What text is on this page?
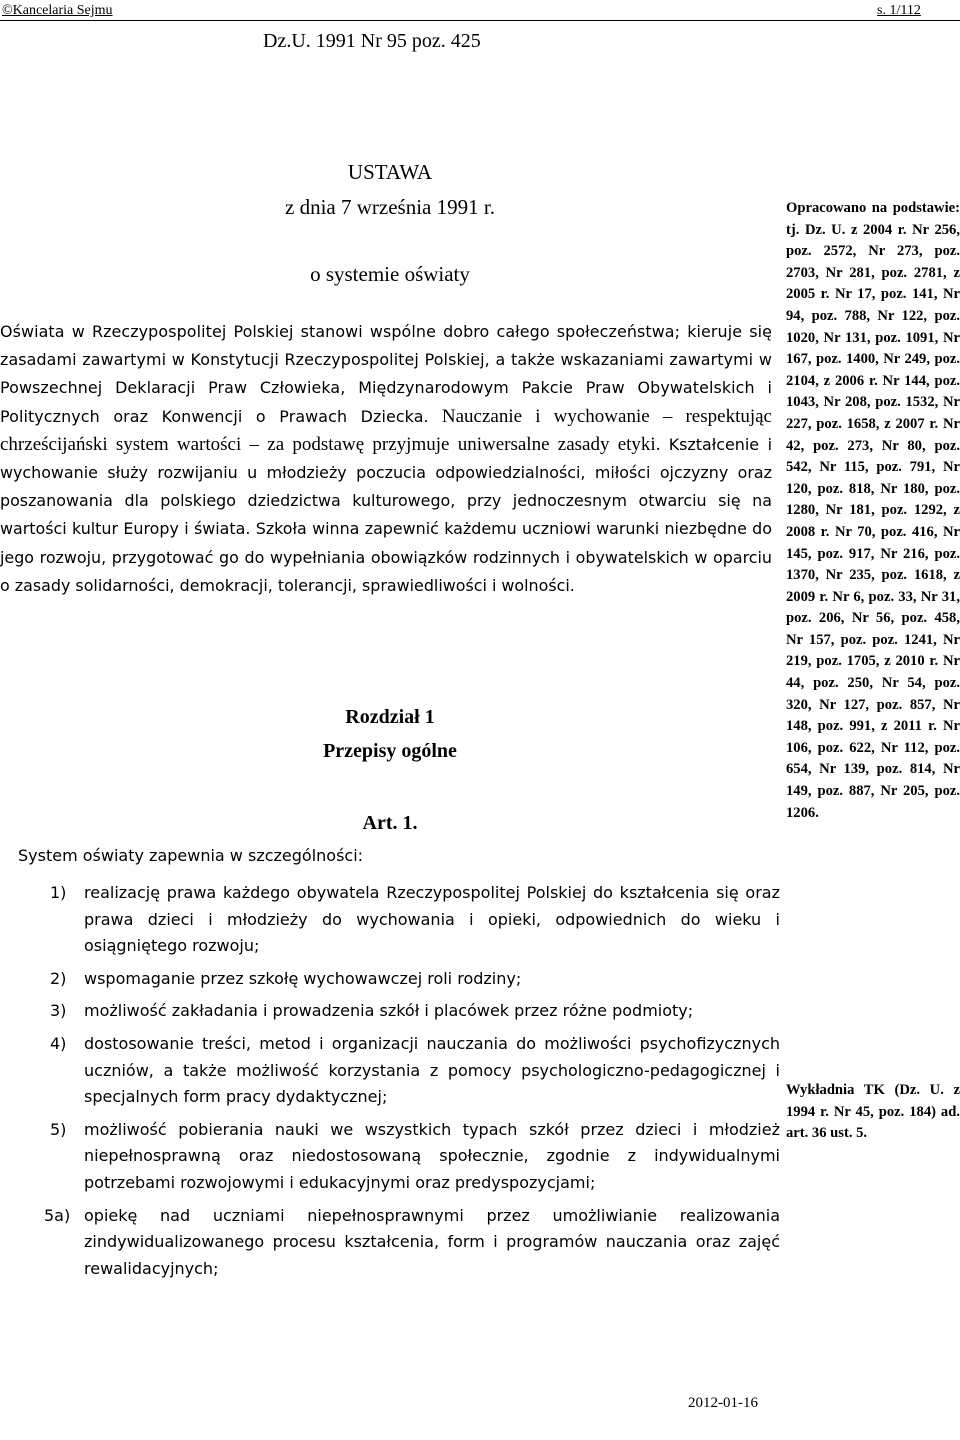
©Kancelaria Sejmu	s. 1/112
Dz.U. 1991 Nr 95 poz. 425
USTAWA
z dnia 7 września 1991 r.
o systemie oświaty
Oświata w Rzeczypospolitej Polskiej stanowi wspólne dobro całego społeczeństwa; kieruje się zasadami zawartymi w Konstytucji Rzeczypospolitej Polskiej, a także wskazaniami zawartymi w Powszechnej Deklaracji Praw Człowieka, Międzynarodowym Pakcie Praw Obywatelskich i Politycznych oraz Konwencji o Prawach Dziecka. Nauczanie i wychowanie – respektując chrześcijański system wartości – za podstawę przyjmuje uniwersalne zasady etyki. Kształcenie i wychowanie służy rozwijaniu u młodzieży poczucia odpowiedzialności, miłości ojczyzny oraz poszanowania dla polskiego dziedzictwa kulturowego, przy jednoczesnym otwarciu się na wartości kultur Europy i świata. Szkoła winna zapewnić każdemu uczniowi warunki niezbędne do jego rozwoju, przygotować go do wypełniania obowiązków rodzinnych i obywatelskich w oparciu o zasady solidarności, demokracji, tolerancji, sprawiedliwości i wolności.
Rozdział 1
Przepisy ogólne
Art. 1.
System oświaty zapewnia w szczególności:
1) realizację prawa każdego obywatela Rzeczypospolitej Polskiej do kształcenia się oraz prawa dzieci i młodzieży do wychowania i opieki, odpowiednich do wieku i osiągniętego rozwoju;
2) wspomaganie przez szkołę wychowawczej roli rodziny;
3) możliwość zakładania i prowadzenia szkół i placówek przez różne podmioty;
4) dostosowanie treści, metod i organizacji nauczania do możliwości psychofizycznych uczniów, a także możliwość korzystania z pomocy psychologiczno-pedagogicznej i specjalnych form pracy dydaktycznej;
5) możliwość pobierania nauki we wszystkich typach szkół przez dzieci i młodzież niepełnosprawną oraz niedostosowaną społecznie, zgodnie z indywidualnymi potrzebami rozwojowymi i edukacyjnymi oraz predyspozycjami;
5a) opiekę nad uczniami niepełnosprawnymi przez umożliwianie realizowania zindywidualizowanego procesu kształcenia, form i programów nauczania oraz zajęć rewalidacyjnych;
Opracowano na podstawie: tj. Dz. U. z 2004 r. Nr 256, poz. 2572, Nr 273, poz. 2703, Nr 281, poz. 2781, z 2005 r. Nr 17, poz. 141, Nr 94, poz. 788, Nr 122, poz. 1020, Nr 131, poz. 1091, Nr 167, poz. 1400, Nr 249, poz. 2104, z 2006 r. Nr 144, poz. 1043, Nr 208, poz. 1532, Nr 227, poz. 1658, z 2007 r. Nr 42, poz. 273, Nr 80, poz. 542, Nr 115, poz. 791, Nr 120, poz. 818, Nr 180, poz. 1280, Nr 181, poz. 1292, z 2008 r. Nr 70, poz. 416, Nr 145, poz. 917, Nr 216, poz. 1370, Nr 235, poz. 1618, z 2009 r. Nr 6, poz. 33, Nr 31, poz. 206, Nr 56, poz. 458, Nr 157, poz. poz. 1241, Nr 219, poz. 1705, z 2010 r. Nr 44, poz. 250, Nr 54, poz. 320, Nr 127, poz. 857, Nr 148, poz. 991, z 2011 r. Nr 106, poz. 622, Nr 112, poz. 654, Nr 139, poz. 814, Nr 149, poz. 887, Nr 205, poz. 1206.
Wykładnia TK (Dz. U. z 1994 r. Nr 45, poz. 184) ad. art. 36 ust. 5.
2012-01-16
